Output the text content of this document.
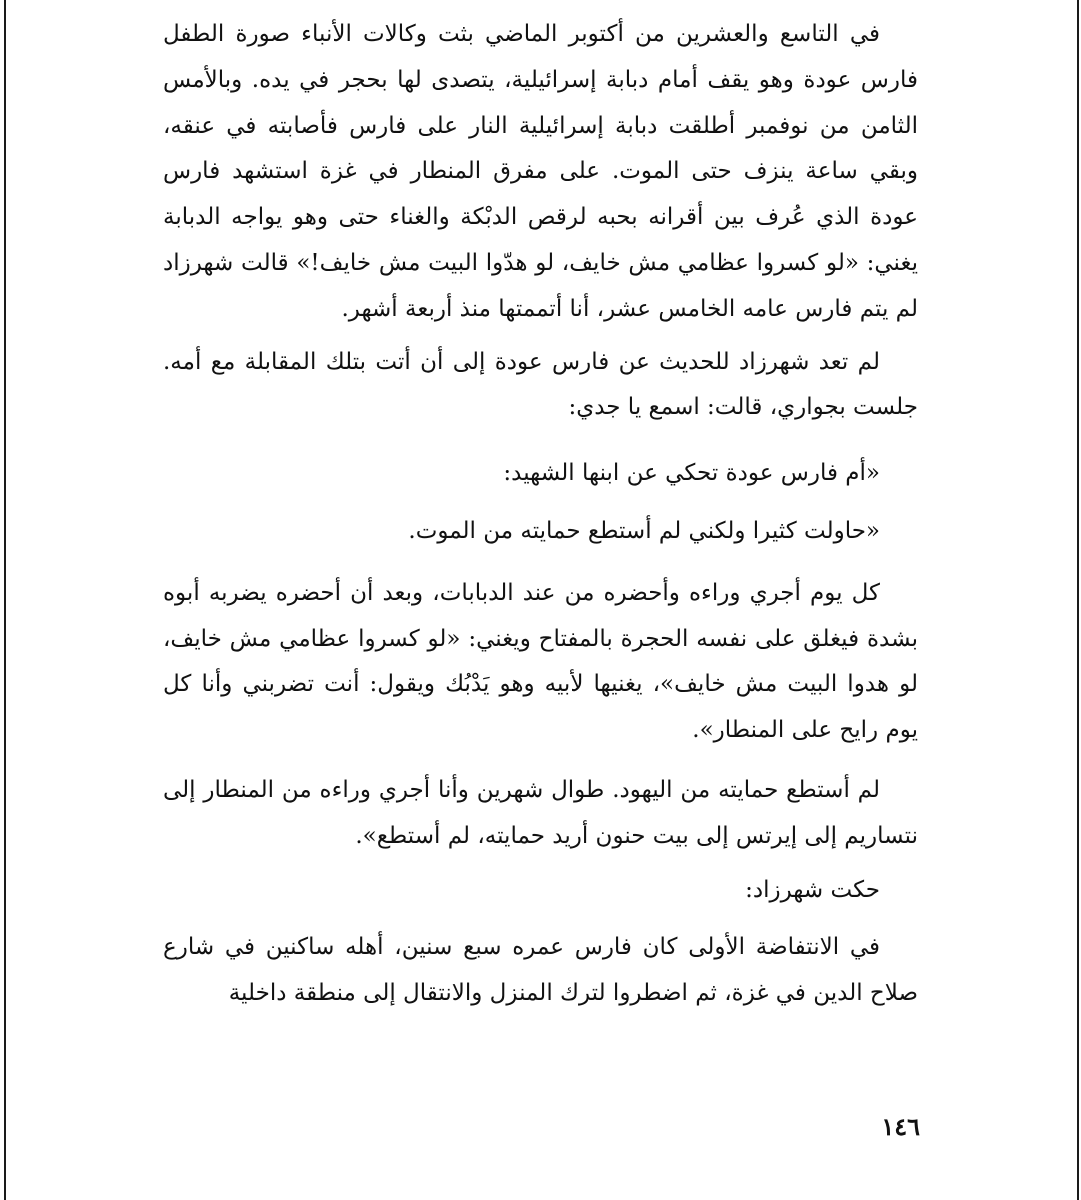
في التاسع والعشرين من أكتوبر الماضي بثت وكالات الأنباء صورة الطفل فارس عودة وهو يقف أمام دبابة إسرائيلية، يتصدى لها بحجر في يده. وبالأمس الثامن من نوفمبر أطلقت دبابة إسرائيلية النار على فارس فأصابته في عنقه، وبقي ساعة ينزف حتى الموت. على مفرق المنطار في غزة استشهد فارس عودة الذي عُرف بين أقرانه بحبه لرقص الدبْكة والغناء حتى وهو يواجه الدبابة يغني: «لو كسروا عظامي مش خايف، لو هدّوا البيت مش خايف!» قالت شهرزاد لم يتم فارس عامه الخامس عشر، أنا أتممتها منذ أربعة أشهر.

لم تعد شهرزاد للحديث عن فارس عودة إلى أن أتت بتلك المقابلة مع أمه. جلست بجواري، قالت: اسمع يا جدي:

«أم فارس عودة تحكي عن ابنها الشهيد:

«حاولت كثيرا ولكني لم أستطع حمايته من الموت.

كل يوم أجري وراءه وأحضره من عند الدبابات، وبعد أن أحضره يضربه أبوه بشدة فيغلق على نفسه الحجرة بالمفتاح ويغني: «لو كسروا عظامي مش خايف، لو هدوا البيت مش خايف»، يغنيها لأبيه وهو يَدْبُك ويقول: أنت تضربني وأنا كل يوم رايح على المنطار».

لم أستطع حمايته من اليهود. طوال شهرين وأنا أجري وراءه من المنطار إلى نتساريم إلى إيرتس إلى بيت حنون أريد حمايته، لم أستطع».

حكت شهرزاد:

في الانتفاضة الأولى كان فارس عمره سبع سنين، أهله ساكنين في شارع صلاح الدين في غزة، ثم اضطروا لترك المنزل والانتقال إلى منطقة داخلية

١٤٦
